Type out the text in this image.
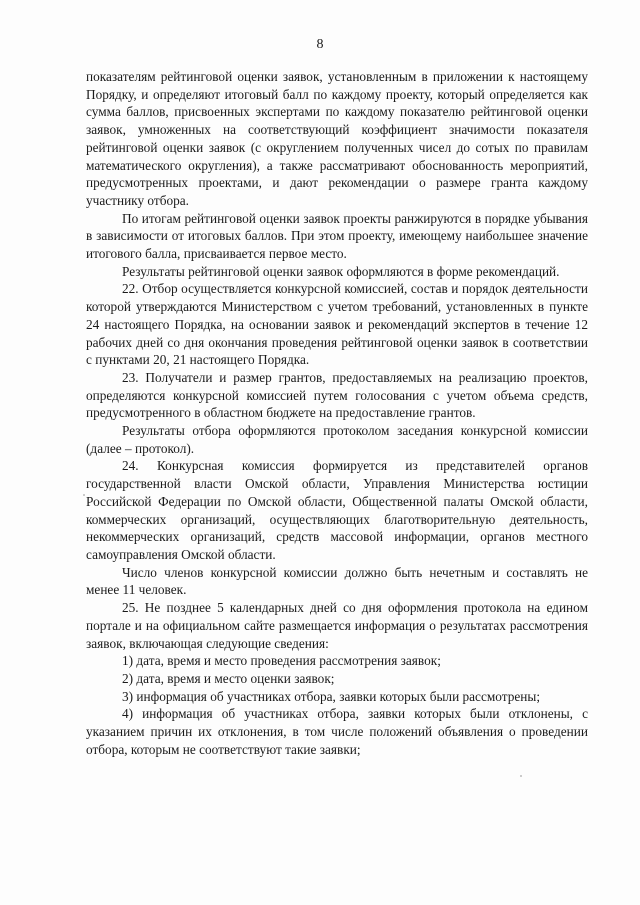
8

показателям рейтинговой оценки заявок, установленным в приложении к настоящему Порядку, и определяют итоговый балл по каждому проекту, который определяется как сумма баллов, присвоенных экспертами по каждому показателю рейтинговой оценки заявок, умноженных на соответствующий коэффициент значимости показателя рейтинговой оценки заявок (с округлением полученных чисел до сотых по правилам математического округления), а также рассматривают обоснованность мероприятий, предусмотренных проектами, и дают рекомендации о размере гранта каждому участнику отбора.

По итогам рейтинговой оценки заявок проекты ранжируются в порядке убывания в зависимости от итоговых баллов. При этом проекту, имеющему наибольшее значение итогового балла, присваивается первое место.

Результаты рейтинговой оценки заявок оформляются в форме рекомендаций.

22. Отбор осуществляется конкурсной комиссией, состав и порядок деятельности которой утверждаются Министерством с учетом требований, установленных в пункте 24 настоящего Порядка, на основании заявок и рекомендаций экспертов в течение 12 рабочих дней со дня окончания проведения рейтинговой оценки заявок в соответствии с пунктами 20, 21 настоящего Порядка.

23. Получатели и размер грантов, предоставляемых на реализацию проектов, определяются конкурсной комиссией путем голосования с учетом объема средств, предусмотренного в областном бюджете на предоставление грантов.

Результаты отбора оформляются протоколом заседания конкурсной комиссии (далее – протокол).

24. Конкурсная комиссия формируется из представителей органов государственной власти Омской области, Управления Министерства юстиции Российской Федерации по Омской области, Общественной палаты Омской области, коммерческих организаций, осуществляющих благотворительную деятельность, некоммерческих организаций, средств массовой информации, органов местного самоуправления Омской области.

Число членов конкурсной комиссии должно быть нечетным и составлять не менее 11 человек.

25. Не позднее 5 календарных дней со дня оформления протокола на едином портале и на официальном сайте размещается информация о результатах рассмотрения заявок, включающая следующие сведения:

1) дата, время и место проведения рассмотрения заявок;

2) дата, время и место оценки заявок;

3) информация об участниках отбора, заявки которых были рассмотрены;

4) информация об участниках отбора, заявки которых были отклонены, с указанием причин их отклонения, в том числе положений объявления о проведении отбора, которым не соответствуют такие заявки;
